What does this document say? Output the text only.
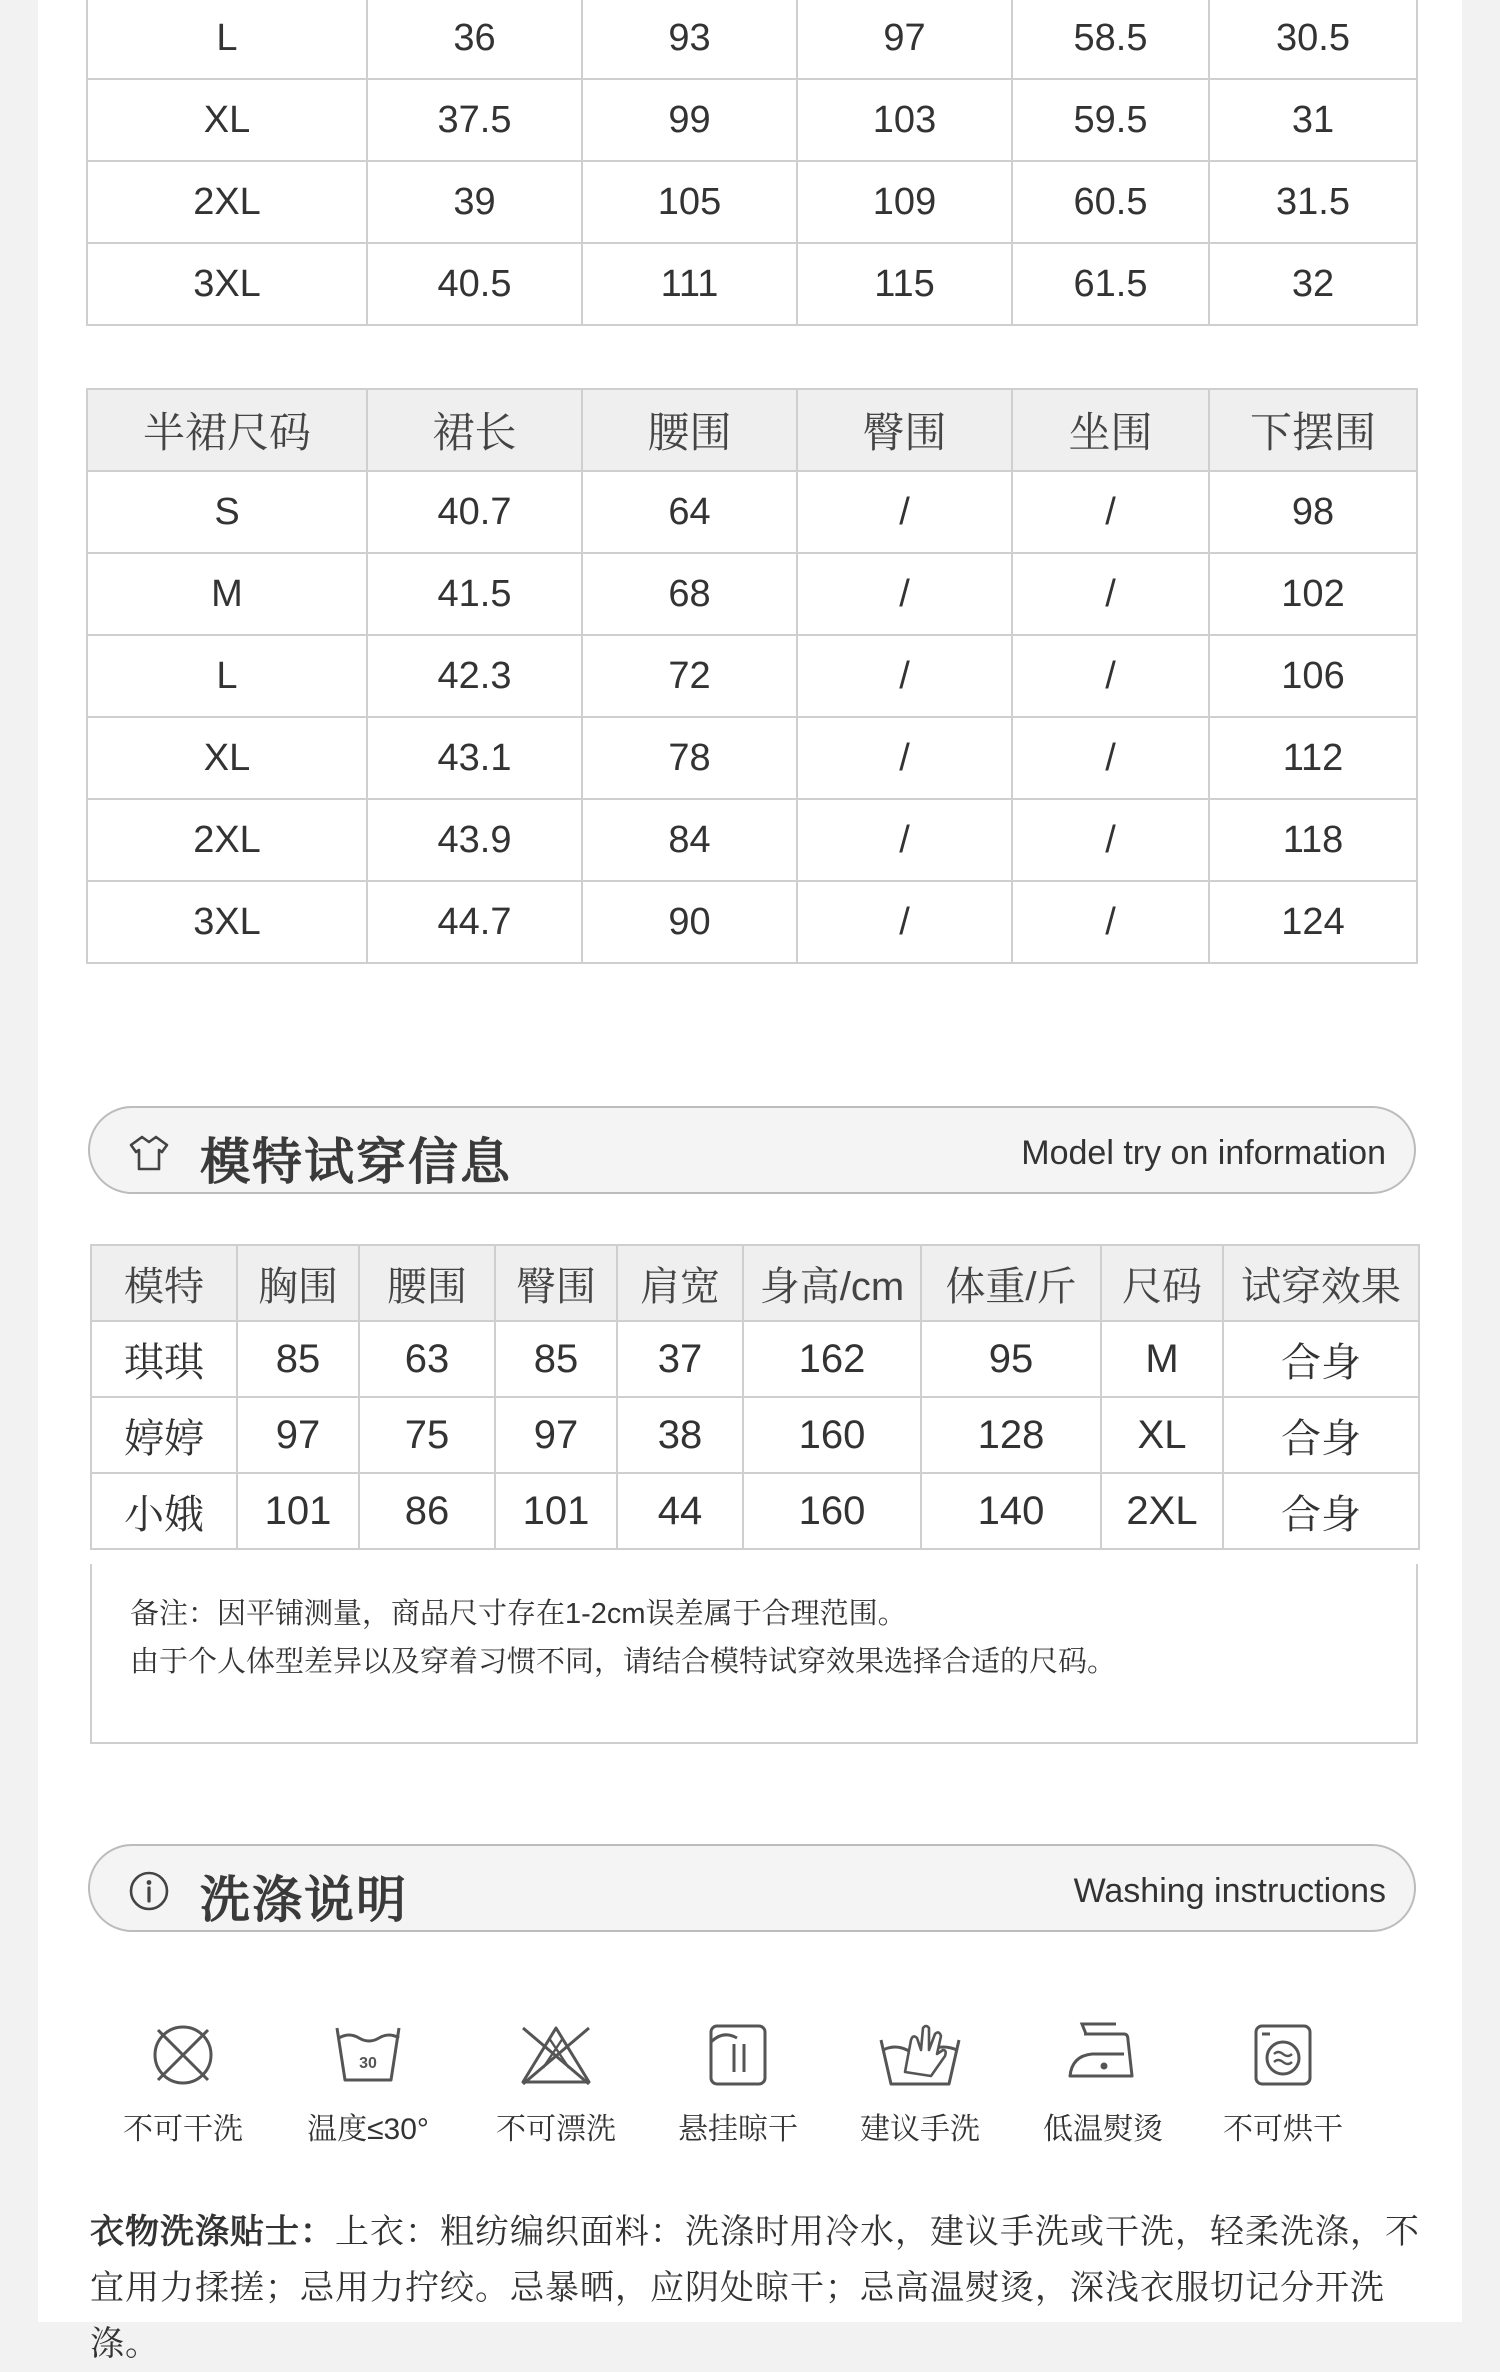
L	36	93	97	58.5	30.5
XL	37.5	99	103	59.5	31
2XL	39	105	109	60.5	31.5
3XL	40.5	111	115	61.5	32
半裙尺码	裙长	腰围	臀围	坐围	下摆围
S	40.7	64	/	/	98
M	41.5	68	/	/	102
L	42.3	72	/	/	106
XL	43.1	78	/	/	112
2XL	43.9	84	/	/	118
3XL	44.7	90	/	/	124
模特试穿信息	Model try on information
模特	胸围	腰围	臀围	肩宽	身高/cm	体重/斤	尺码	试穿效果
琪琪	85	63	85	37	162	95	M	合身
婷婷	97	75	97	38	160	128	XL	合身
小娥	101	86	101	44	160	140	2XL	合身
备注：因平铺测量，商品尺寸存在1-2cm误差属于合理范围。
由于个人体型差异以及穿着习惯不同，请结合模特试穿效果选择合适的尺码。
洗涤说明	Washing instructions
不可干洗
30
温度≤30°	不可漂洗	悬挂晾干	建议手洗	低温熨烫	不可烘干
衣物洗涤贴士：上衣：粗纺编织面料：洗涤时用冷水，建议手洗或干洗，轻柔洗涤，不宜用力揉搓；忌用力拧绞。忌暴晒，应阴处晾干；忌高温熨烫，深浅衣服切记分开洗涤。
